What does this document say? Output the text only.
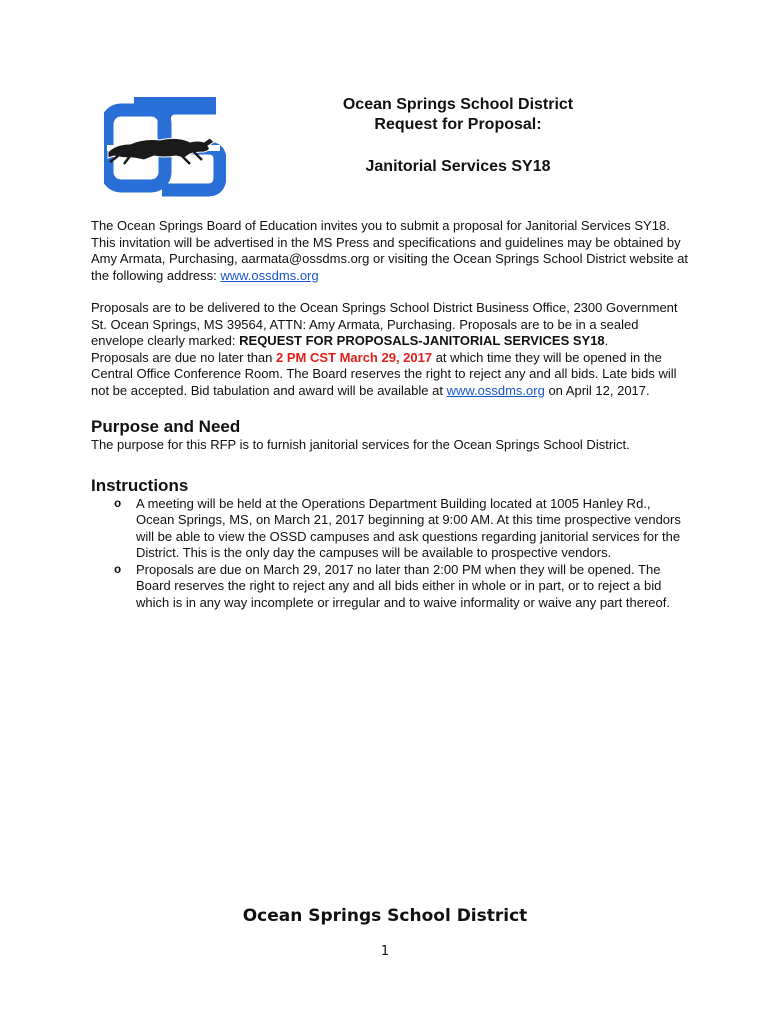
Ocean Springs School District
Request for Proposal:
Janitorial Services SY18

The Ocean Springs Board of Education invites you to submit a proposal for Janitorial Services SY18. This invitation will be advertised in the MS Press and specifications and guidelines may be obtained by Amy Armata, Purchasing, aarmata@ossdms.org or visiting the Ocean Springs School District website at the following address: www.ossdms.org

Proposals are to be delivered to the Ocean Springs School District Business Office, 2300 Government St. Ocean Springs, MS 39564, ATTN: Amy Armata, Purchasing. Proposals are to be in a sealed envelope clearly marked: REQUEST FOR PROPOSALS-JANITORIAL SERVICES SY18.

Proposals are due no later than 2 PM CST March 29, 2017 at which time they will be opened in the Central Office Conference Room. The Board reserves the right to reject any and all bids. Late bids will not be accepted. Bid tabulation and award will be available at www.ossdms.org on April 12, 2017.

Purpose and Need

The purpose for this RFP is to furnish janitorial services for the Ocean Springs School District.

Instructions
o A meeting will be held at the Operations Department Building located at 1005 Hanley Rd., Ocean Springs, MS, on March 21, 2017 beginning at 9:00 AM. At this time prospective vendors will be able to view the OSSD campuses and ask questions regarding janitorial services for the District. This is the only day the campuses will be available to prospective vendors.
o Proposals are due on March 29, 2017 no later than 2:00 PM when they will be opened. The Board reserves the right to reject any and all bids either in whole or in part, or to reject a bid which is in any way incomplete or irregular and to waive informality or waive any part thereof.
Ocean Springs School District
1
